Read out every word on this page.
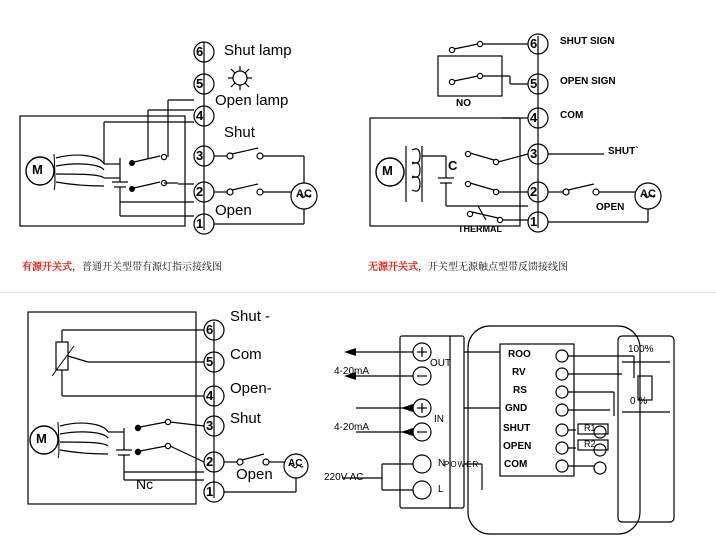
6
5
4
3
2
1
M
AC
Shut lamp
Open lamp
Shut
Open
有源开关式，普通开关型带有源灯指示接线图
6
5
4
3
2
1
M
AC
SHUT SIGN
OPEN SIGN
COM
SHUT`
OPEN
NO
THERMAL
C
无源开关式，开关型无源触点型带反馈接线图
6
5
4
3
2
1
M
AC
Shut -
Com
Open-
Shut
Nc
Open
4-20mA
4-20mA
220V AC
OUT
IN
N
L
POWER
ROO
RV
RS
GND
SHUT
OPEN
COM
R1
R2
100%
0 %
